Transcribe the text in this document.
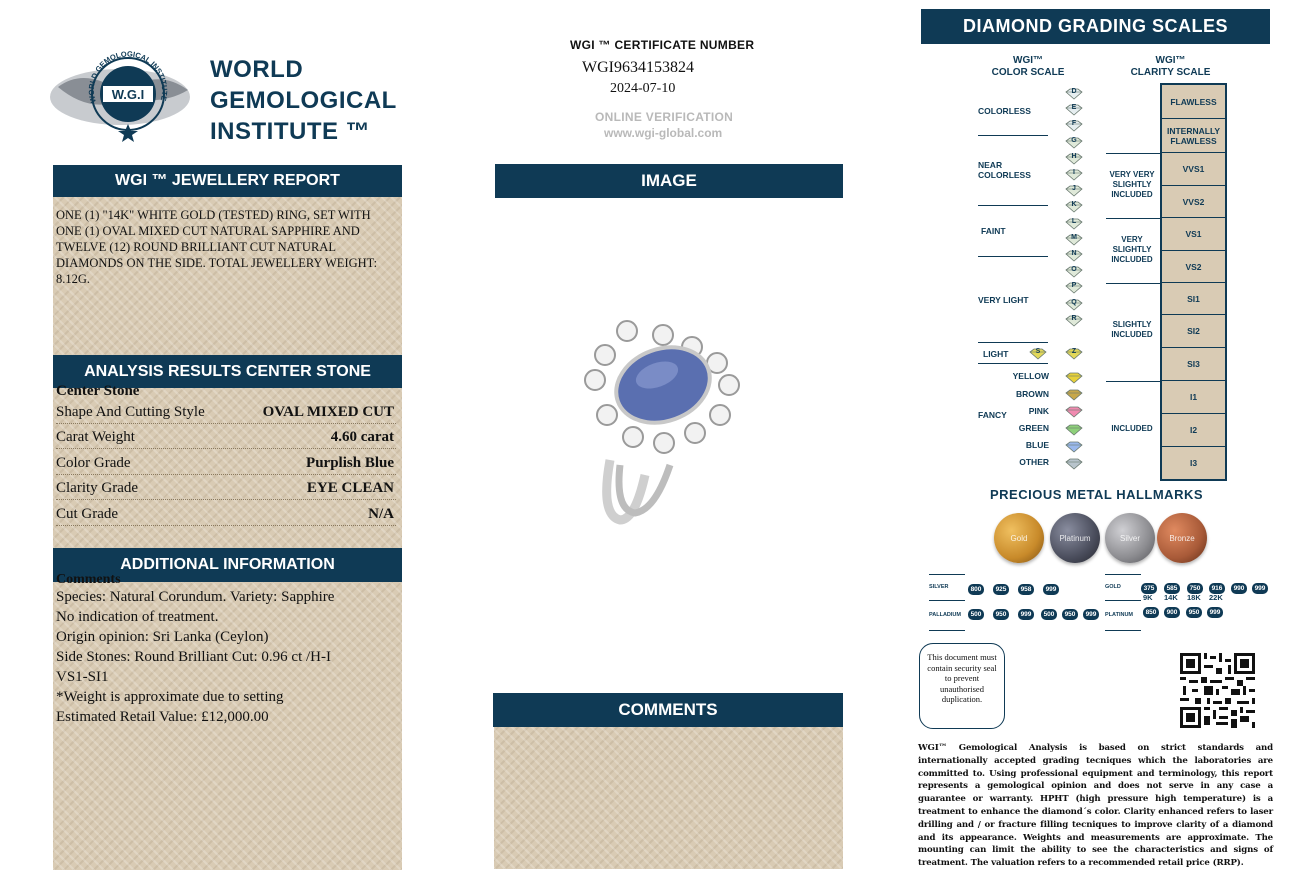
W.G.I
WORLD GEMOLOGICAL INSTITUTE
WORLD
GEMOLOGICAL
INSTITUTE ™
WGI ™ JEWELLERY REPORT
ONE (1) "14K" WHITE GOLD (TESTED) RING, SET WITH ONE (1) OVAL MIXED CUT NATURAL SAPPHIRE AND TWELVE (12) ROUND BRILLIANT CUT NATURAL DIAMONDS ON THE SIDE. TOTAL JEWELLERY WEIGHT: 8.12G.
ANALYSIS RESULTS CENTER STONE
Center Stone
Shape And Cutting Style	OVAL MIXED CUT
Carat Weight	4.60 carat
Color Grade	Purplish Blue
Clarity Grade	EYE CLEAN
Cut Grade	N/A
ADDITIONAL INFORMATION
Comments
Species: Natural Corundum. Variety: Sapphire
No indication of treatment.
Origin opinion: Sri Lanka (Ceylon)
Side Stones: Round Brilliant Cut: 0.96 ct /H-I
VS1-SI1
*Weight is approximate due to setting
Estimated Retail Value: £12,000.00
WGI ™ CERTIFICATE NUMBER
WGI9634153824
2024-07-10
ONLINE VERIFICATION
www.wgi-global.com
IMAGE
COMMENTS
DIAMOND GRADING SCALES
WGI™
COLOR SCALE
WGI™
CLARITY SCALE
COLORLESS
NEAR COLORLESS
FAINT
VERY LIGHT
LIGHT
FANCY
YELLOW
BROWN
PINK
GREEN
BLUE
OTHER
FLAWLESS
INTERNALLY FLAWLESS
VVS1
VVS2
VS1
VS2
SI1
SI2
SI3
I1
I2
I3
VERY VERY SLIGHTLY INCLUDED
VERY SLIGHTLY INCLUDED
SLIGHTLY INCLUDED
INCLUDED
PRECIOUS METAL HALLMARKS
Gold	Platinum	Silver	Bronze
SILVER	800	925	958	999	GOLD	375	585	750	916	990	999
9K 14K 18K 22K
PALLADIUM	500	950	999	500	950	999	PLATINUM	850	900	950	999
This document must contain security seal to prevent unauthorised duplication.
WGI™ Gemological Analysis is based on strict standards and internationally accepted grading tecniques which the laboratories are committed to. Using professional equipment and terminology, this report represents a gemological opinion and does not serve in any case a guarantee or warranty. HPHT (high pressure high temperature) is a treatment to enhance the diamond´s color. Clarity enhanced refers to laser drilling and / or fracture filling tecniques to improve clarity of a diamond and its appearance. Weights and measurements are approximate. The mounting can limit the ability to see the characteristics and signs of treatment. The valuation refers to a recommended retail price (RRP).
D
E
F
G
H
I
J
K
L
M
N
O
P
Q
R
S	Z
